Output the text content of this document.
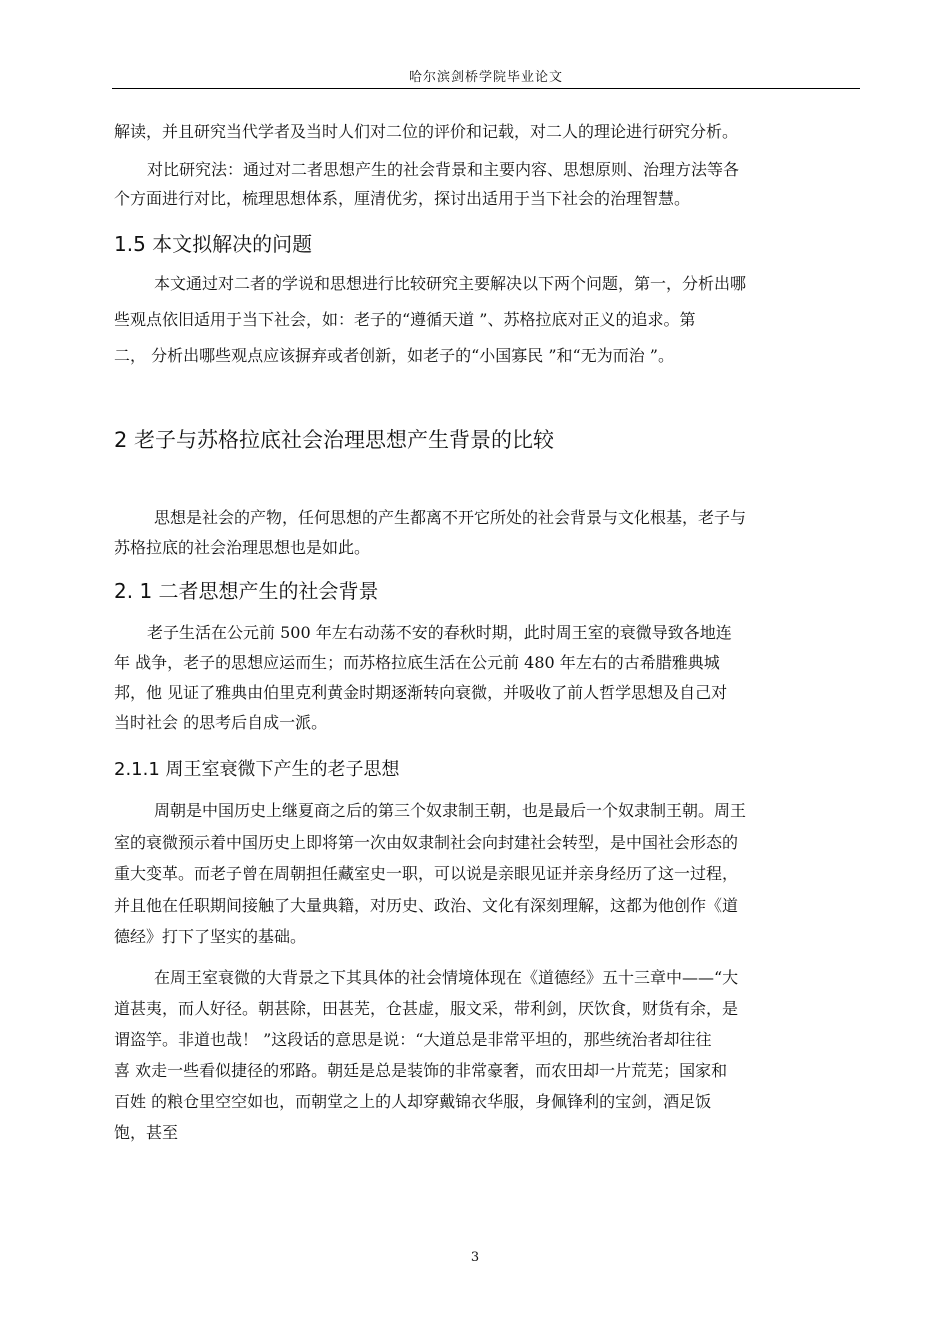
哈尔滨剑桥学院毕业论文

解读，并且研究当代学者及当时人们对二位的评价和记载，对二人的理论进行研究分析。

对比研究法：通过对二者思想产生的社会背景和主要内容、思想原则、治理方法等各
个方面进行对比，梳理思想体系，厘清优劣，探讨出适用于当下社会的治理智慧。

1.5 本文拟解决的问题

本文通过对二者的学说和思想进行比较研究主要解决以下两个问题，第一，分析出哪
些观点依旧适用于当下社会，如：老子的“遵循天道 ”、苏格拉底对正义的追求。第
二， 分析出哪些观点应该摒弃或者创新，如老子的“小国寡民 ”和“无为而治 ”。

2 老子与苏格拉底社会治理思想产生背景的比较

思想是社会的产物，任何思想的产生都离不开它所处的社会背景与文化根基，老子与
苏格拉底的社会治理思想也是如此。

2. 1 二者思想产生的社会背景

老子生活在公元前 500 年左右动荡不安的春秋时期，此时周王室的衰微导致各地连
年 战争，老子的思想应运而生；而苏格拉底生活在公元前 480 年左右的古希腊雅典城
邦，他 见证了雅典由伯里克利黄金时期逐渐转向衰微，并吸收了前人哲学思想及自己对
当时社会 的思考后自成一派。

2.1.1 周王室衰微下产生的老子思想

周朝是中国历史上继夏商之后的第三个奴隶制王朝，也是最后一个奴隶制王朝。周王
室的衰微预示着中国历史上即将第一次由奴隶制社会向封建社会转型，是中国社会形态的
重大变革。而老子曾在周朝担任藏室史一职，可以说是亲眼见证并亲身经历了这一过程，
并且他在任职期间接触了大量典籍，对历史、政治、文化有深刻理解，这都为他创作《道
德经》打下了坚实的基础。

在周王室衰微的大背景之下其具体的社会情境体现在《道德经》五十三章中——“大
道甚夷，而人好径。朝甚除，田甚芜，仓甚虚，服文采，带利剑，厌饮食，财货有余，是
谓盗竽。非道也哉！ ”这段话的意思是说：“大道总是非常平坦的，那些统治者却往往
喜 欢走一些看似捷径的邪路。朝廷是总是装饰的非常豪奢，而农田却一片荒芜；国家和
百姓 的粮仓里空空如也，而朝堂之上的人却穿戴锦衣华服，身佩锋利的宝剑，酒足饭
饱，甚至

3
